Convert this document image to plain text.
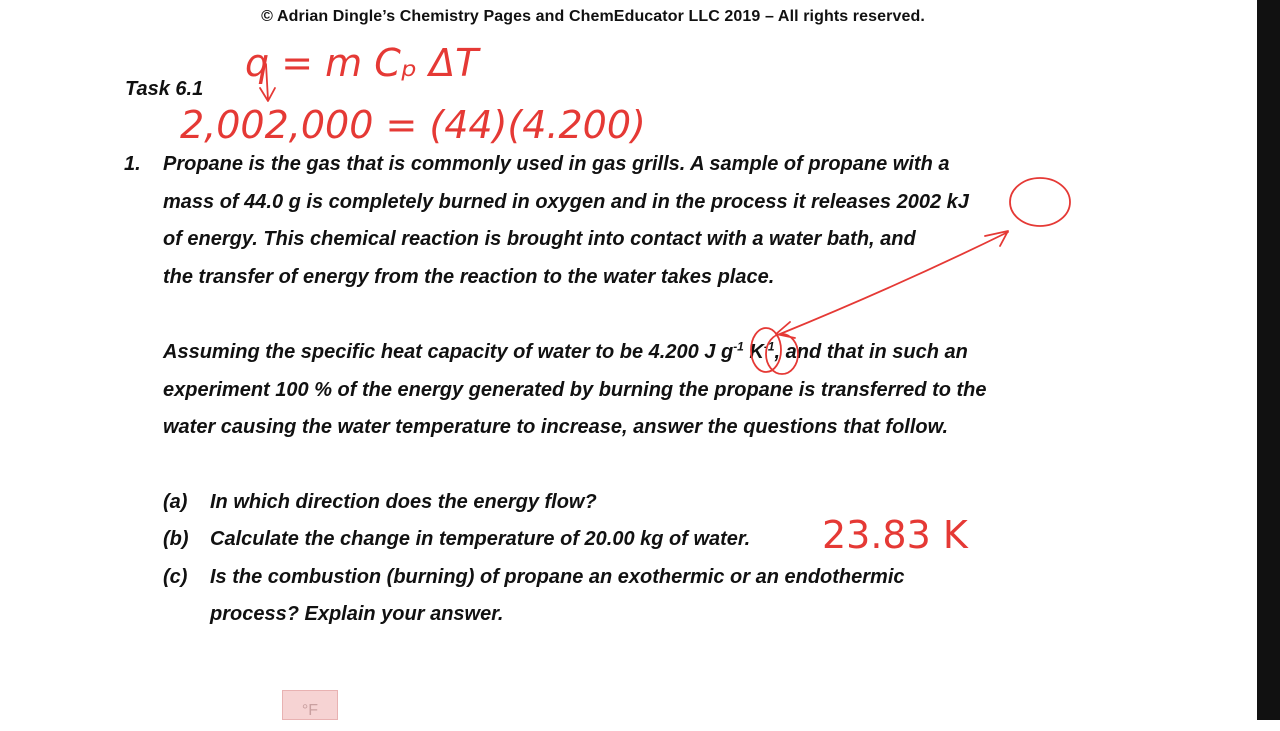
© Adrian Dingle’s Chemistry Pages and ChemEducator LLC 2019 – All rights reserved.
Task 6.1
1. Propane is the gas that is commonly used in gas grills. A sample of propane with a
mass of 44.0 g is completely burned in oxygen and in the process it releases 2002 kJ
of energy. This chemical reaction is brought into contact with a water bath, and
the transfer of energy from the reaction to the water takes place.
Assuming the specific heat capacity of water to be 4.200 J $g^{-1}$ $K^{-1}$, and that in such an
experiment 100 % of the energy generated by burning the propane is transferred to the
water causing the water temperature to increase, answer the questions that follow.
(a) In which direction does the energy flow?
(b) Calculate the change in temperature of 20.00 kg of water.
(c) Is the combustion (burning) of propane an exothermic or an endothermic
process? Explain your answer.
q = m Cₚ ΔT
2,002,000 = (44)(4.200)
23.83 K
°F
